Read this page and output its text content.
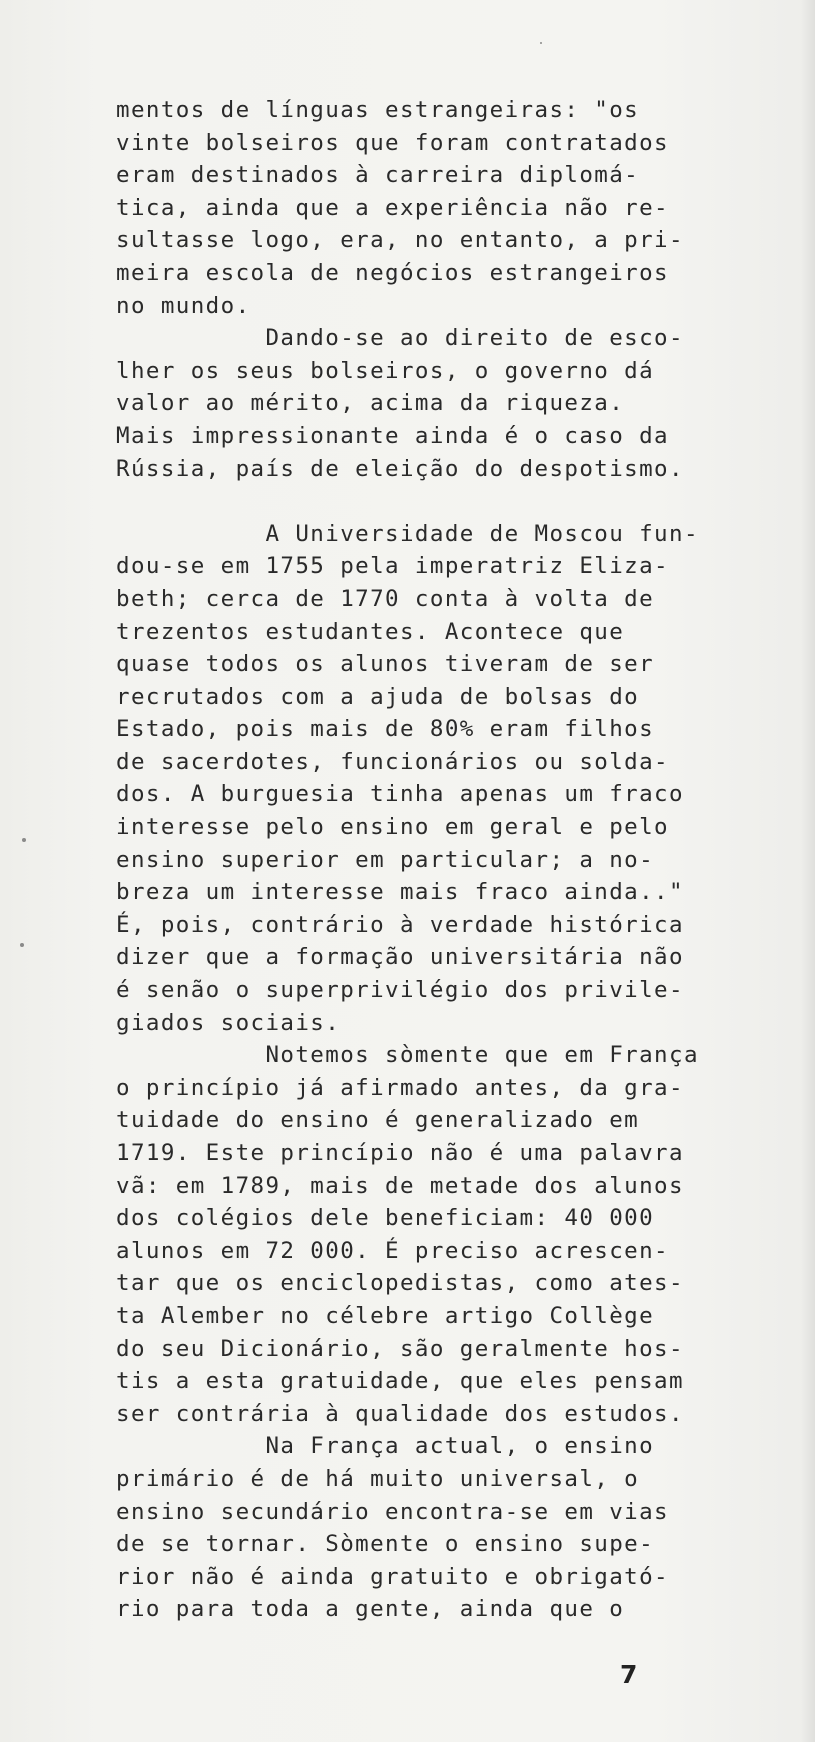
mentos de línguas estrangeiras: "os
vinte bolseiros que foram contratados
eram destinados à carreira diplomá-
tica, ainda que a experiência não re-
sultasse logo, era, no entanto, a pri-
meira escola de negócios estrangeiros
no mundo.
Dando-se ao direito de esco-
lher os seus bolseiros, o governo dá
valor ao mérito, acima da riqueza.
Mais impressionante ainda é o caso da
Rússia, país de eleição do despotismo.
A Universidade de Moscou fun-
dou-se em 1755 pela imperatriz Eliza-
beth; cerca de 1770 conta à volta de
trezentos estudantes. Acontece que
quase todos os alunos tiveram de ser
recrutados com a ajuda de bolsas do
Estado, pois mais de 80% eram filhos
de sacerdotes, funcionários ou solda-
dos. A burguesia tinha apenas um fraco
interesse pelo ensino em geral e pelo
ensino superior em particular; a no-
breza um interesse mais fraco ainda.."
É, pois, contrário à verdade histórica
dizer que a formação universitária não
é senão o superprivilégio dos privile-
giados sociais.
Notemos sòmente que em França
o princípio já afirmado antes, da gra-
tuidade do ensino é generalizado em
1719. Este princípio não é uma palavra
vã: em 1789, mais de metade dos alunos
dos colégios dele beneficiam: 40 000
alunos em 72 000. É preciso acrescen-
tar que os enciclopedistas, como ates-
ta Alember no célebre artigo Collège
do seu Dicionário, são geralmente hos-
tis a esta gratuidade, que eles pensam
ser contrária à qualidade dos estudos.
Na França actual, o ensino
primário é de há muito universal, o
ensino secundário encontra-se em vias
de se tornar. Sòmente o ensino supe-
rior não é ainda gratuito e obrigató-
rio para toda a gente, ainda que o
7
